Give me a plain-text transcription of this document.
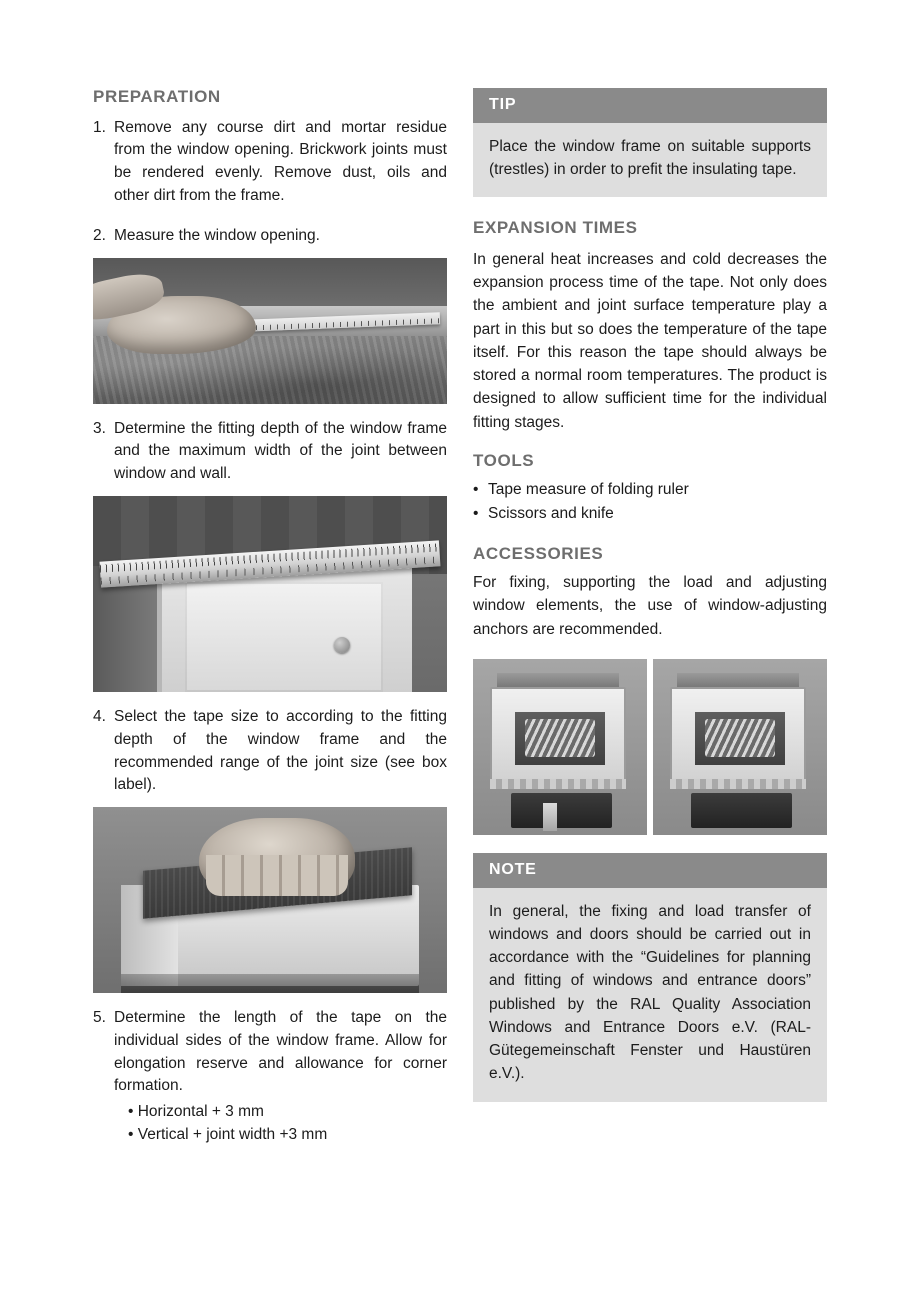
PREPARATION
1. Remove any course dirt and mortar residue from the window opening. Brickwork joints must be rendered evenly. Remove dust, oils and other dirt from the frame.
2. Measure the window opening.
3. Determine the fitting depth of the window frame and the maximum width of the joint between window and wall.
4. Select the tape size to according to the fitting depth of the window frame and the recommended range of the joint size (see box label).
5. Determine the length of the tape on the individual sides of the window frame. Allow for elongation reserve and allowance for corner formation.
• Horizontal + 3 mm
• Vertical + joint width +3 mm
TIP
Place the window frame on suitable supports (trestles) in order to prefit the insulating tape.
EXPANSION TIMES

In general heat increases and cold decreases the expansion process time of the tape. Not only does the ambient and joint surface temperature play a part in this but so does the temperature of the tape itself. For this reason the tape should always be stored a normal room temperatures. The product is designed to allow sufficient time for the individual fitting stages.

TOOLS
• Tape measure of folding ruler
• Scissors and knife
ACCESSORIES

For fixing, supporting the load and adjusting window elements, the use of window-adjusting anchors are recommended.

NOTE
In general, the fixing and load transfer of windows and doors should be carried out in accordance with the “Guidelines for planning and fitting of windows and entrance doors” published by the RAL Quality Association Windows and Entrance Doors e.V. (RAL-Gütegemeinschaft Fenster und Haustüren e.V.).
